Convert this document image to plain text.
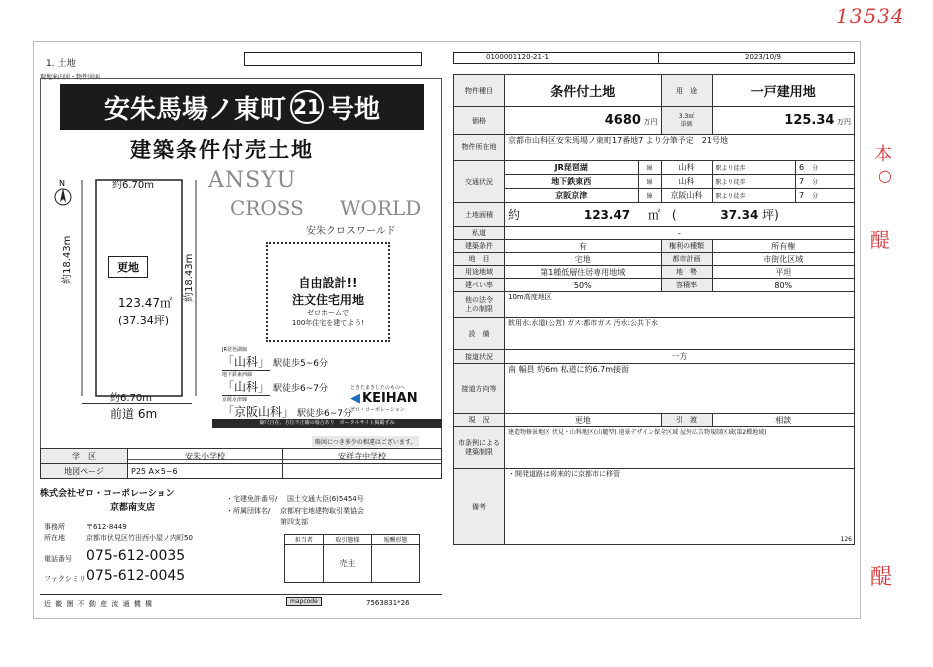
13534
本
○
醍
醍
1. 土地
現地案内図・物件図面
安朱馬場ノ東町 21 号地
建築条件付売土地
N	約6.70m
約6.70m
約18.43m	約18.43m
更地
123.47㎡
(37.34坪)
前道 6m
ANSYU
CROSS WORLD
安朱クロスワールド
自由設計!!
注文住宅用地
ゼロホームで
100年住宅を建てよう!
JR琵琶湖線
「山科」 駅徒歩5~6分
地下鉄東西線
「山科」 駅徒歩6~7分
京阪京津線
「京阪山科」 駅徒歩6~7分
ときたまきしたのものへ
◀ KEIHAN
ゼロ・コーポレーション
縮尺自在、方位不正確の場合あり　ポータルサイト掲載ずみ
略図につき多少の相違はございます。
学　区	安朱小学校	安祥寺中学校
地図ページ	P25 A×5~6	
株式会社ゼロ・コーポレーション
京都南支店
・宅建免許番号/ 国土交通大臣(6)5454号
・所属団体名/ 京都府宅地建物取引業協会
第四支部
事務所	〒612-8449
所在地	京都市伏見区竹田西小屋ノ内町50
電話番号 075-612-0035
ファクシミリ 075-612-0045
担当者	取引態様	報酬形態
	売主	
近 畿 圏 不 動 産 流 通 機 構	mapcode	7563831*26
0100001120-21-1	2023/10/9
物件種目	条件付土地		用　途	一戸建用地	
価格	4680 万円		3.3㎡
単価	125.34 万円	
物件所在地	京都市山科区安朱馬場ノ東町17番地7 より分筆予定　21号地				
交通状況	JR琵琶湖	線	山科	駅より徒歩	6　 分
	地下鉄東西	線	山科	駅より徒歩	7　 分
	京阪京津	線	京阪山科	駅より徒歩	7　 分
土地面積	約 123.47 ㎡ ( 37.34 坪)				
私道	-				
建築条件	有		権利の種類	所有権	
地　目	宅地		都市計画	市街化区域	
用途地域	第1種低層住居専用地域		地　勢	平坦	
建ぺい率	50%		容積率	80%	

他の法令
上の制限	10m高度地区				
設　備	飲用水:水道(公営) ガス:都市ガス 汚水:公共下水				
接道状況	一方				
接道方向等	南 幅員 約6m 私道に約6.7m接面				
現　況	更地		引　渡	相談	

市条例による
建築制限	建造物修景地区 伏見・山科地区(山麓型) 遠景デザイン保全区域 屋外広告物規制区域(第2種地域)				
備考	・開発道路は将来的に京都市に移管
126				
